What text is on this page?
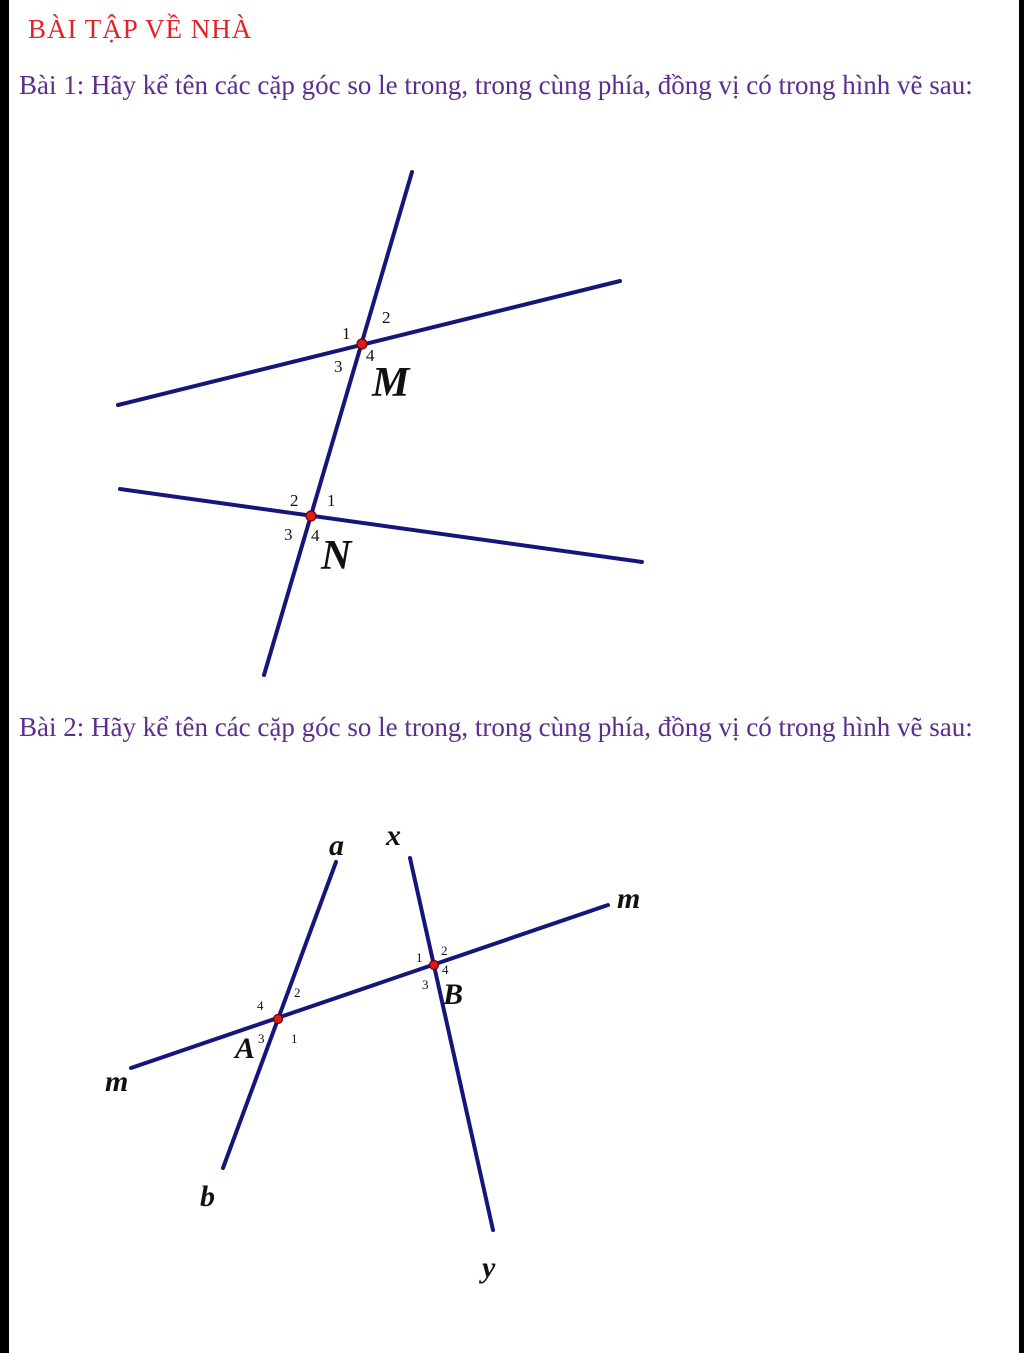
BÀI TẬP VỀ NHÀ

Bài 1: Hãy kể tên các cặp góc so le trong, trong cùng phía, đồng vị có trong hình vẽ sau:

Bài 2: Hãy kể tên các cặp góc so le trong, trong cùng phía, đồng vị có trong hình vẽ sau:

1
2
3
4
M
2 1
3 4 N
a x
m
m
b
y
1
2
3
4
A
1 2
3
4
B
